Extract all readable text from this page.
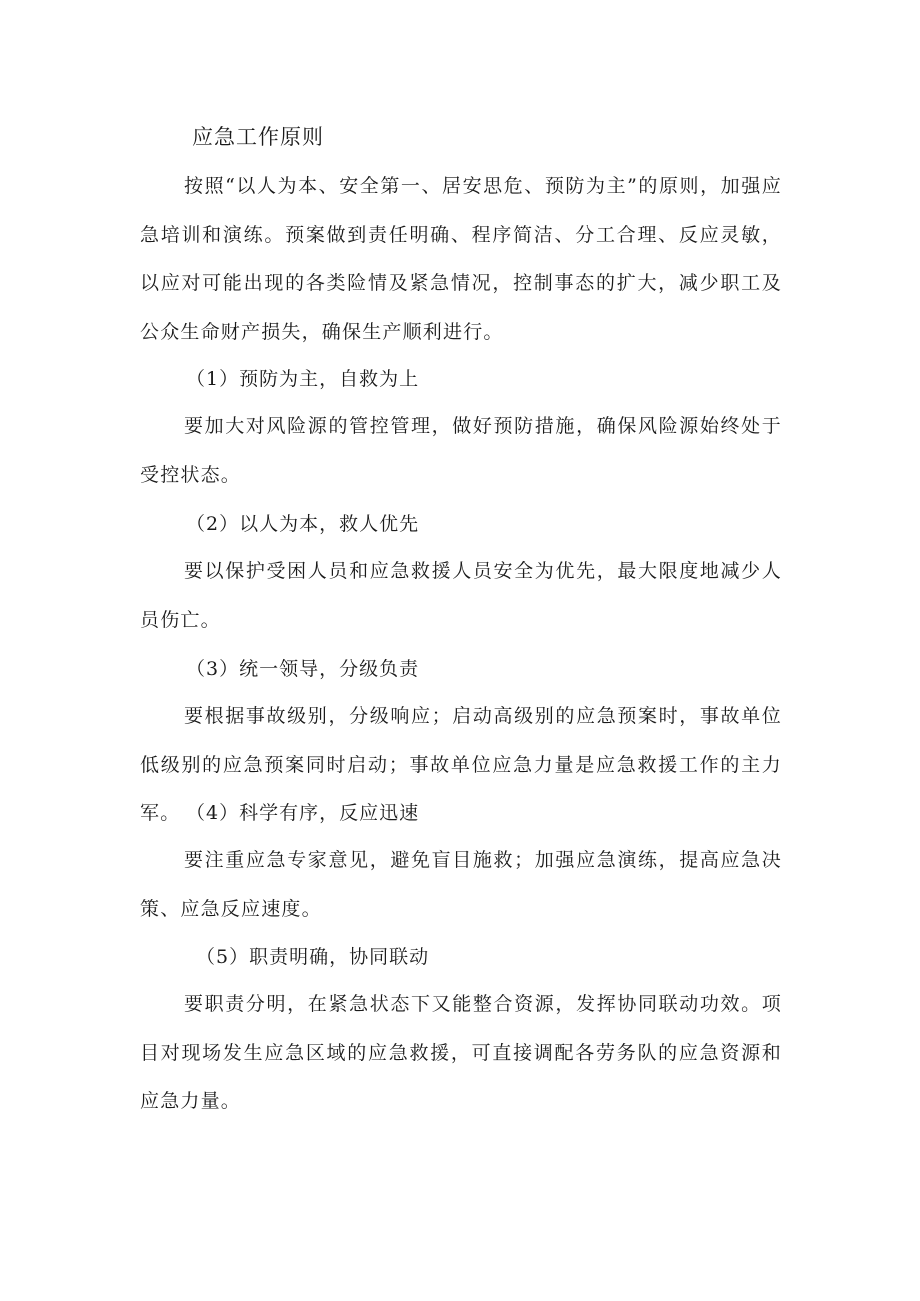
应急工作原则

按照“以人为本、安全第一、居安思危、预防为主”的原则，加强应急培训和演练。预案做到责任明确、程序简洁、分工合理、反应灵敏，以应对可能出现的各类险情及紧急情况，控制事态的扩大，减少职工及公众生命财产损失，确保生产顺利进行。

（1）预防为主，自救为上

要加大对风险源的管控管理，做好预防措施，确保风险源始终处于受控状态。

（2）以人为本，救人优先

要以保护受困人员和应急救援人员安全为优先，最大限度地减少人员伤亡。

（3）统一领导，分级负责

要根据事故级别，分级响应；启动高级别的应急预案时，事故单位低级别的应急预案同时启动；事故单位应急力量是应急救援工作的主力军。 （4）科学有序，反应迅速

要注重应急专家意见，避免盲目施救；加强应急演练，提高应急决策、应急反应速度。

（5）职责明确，协同联动

要职责分明，在紧急状态下又能整合资源，发挥协同联动功效。项目对现场发生应急区域的应急救援，可直接调配各劳务队的应急资源和应急力量。
